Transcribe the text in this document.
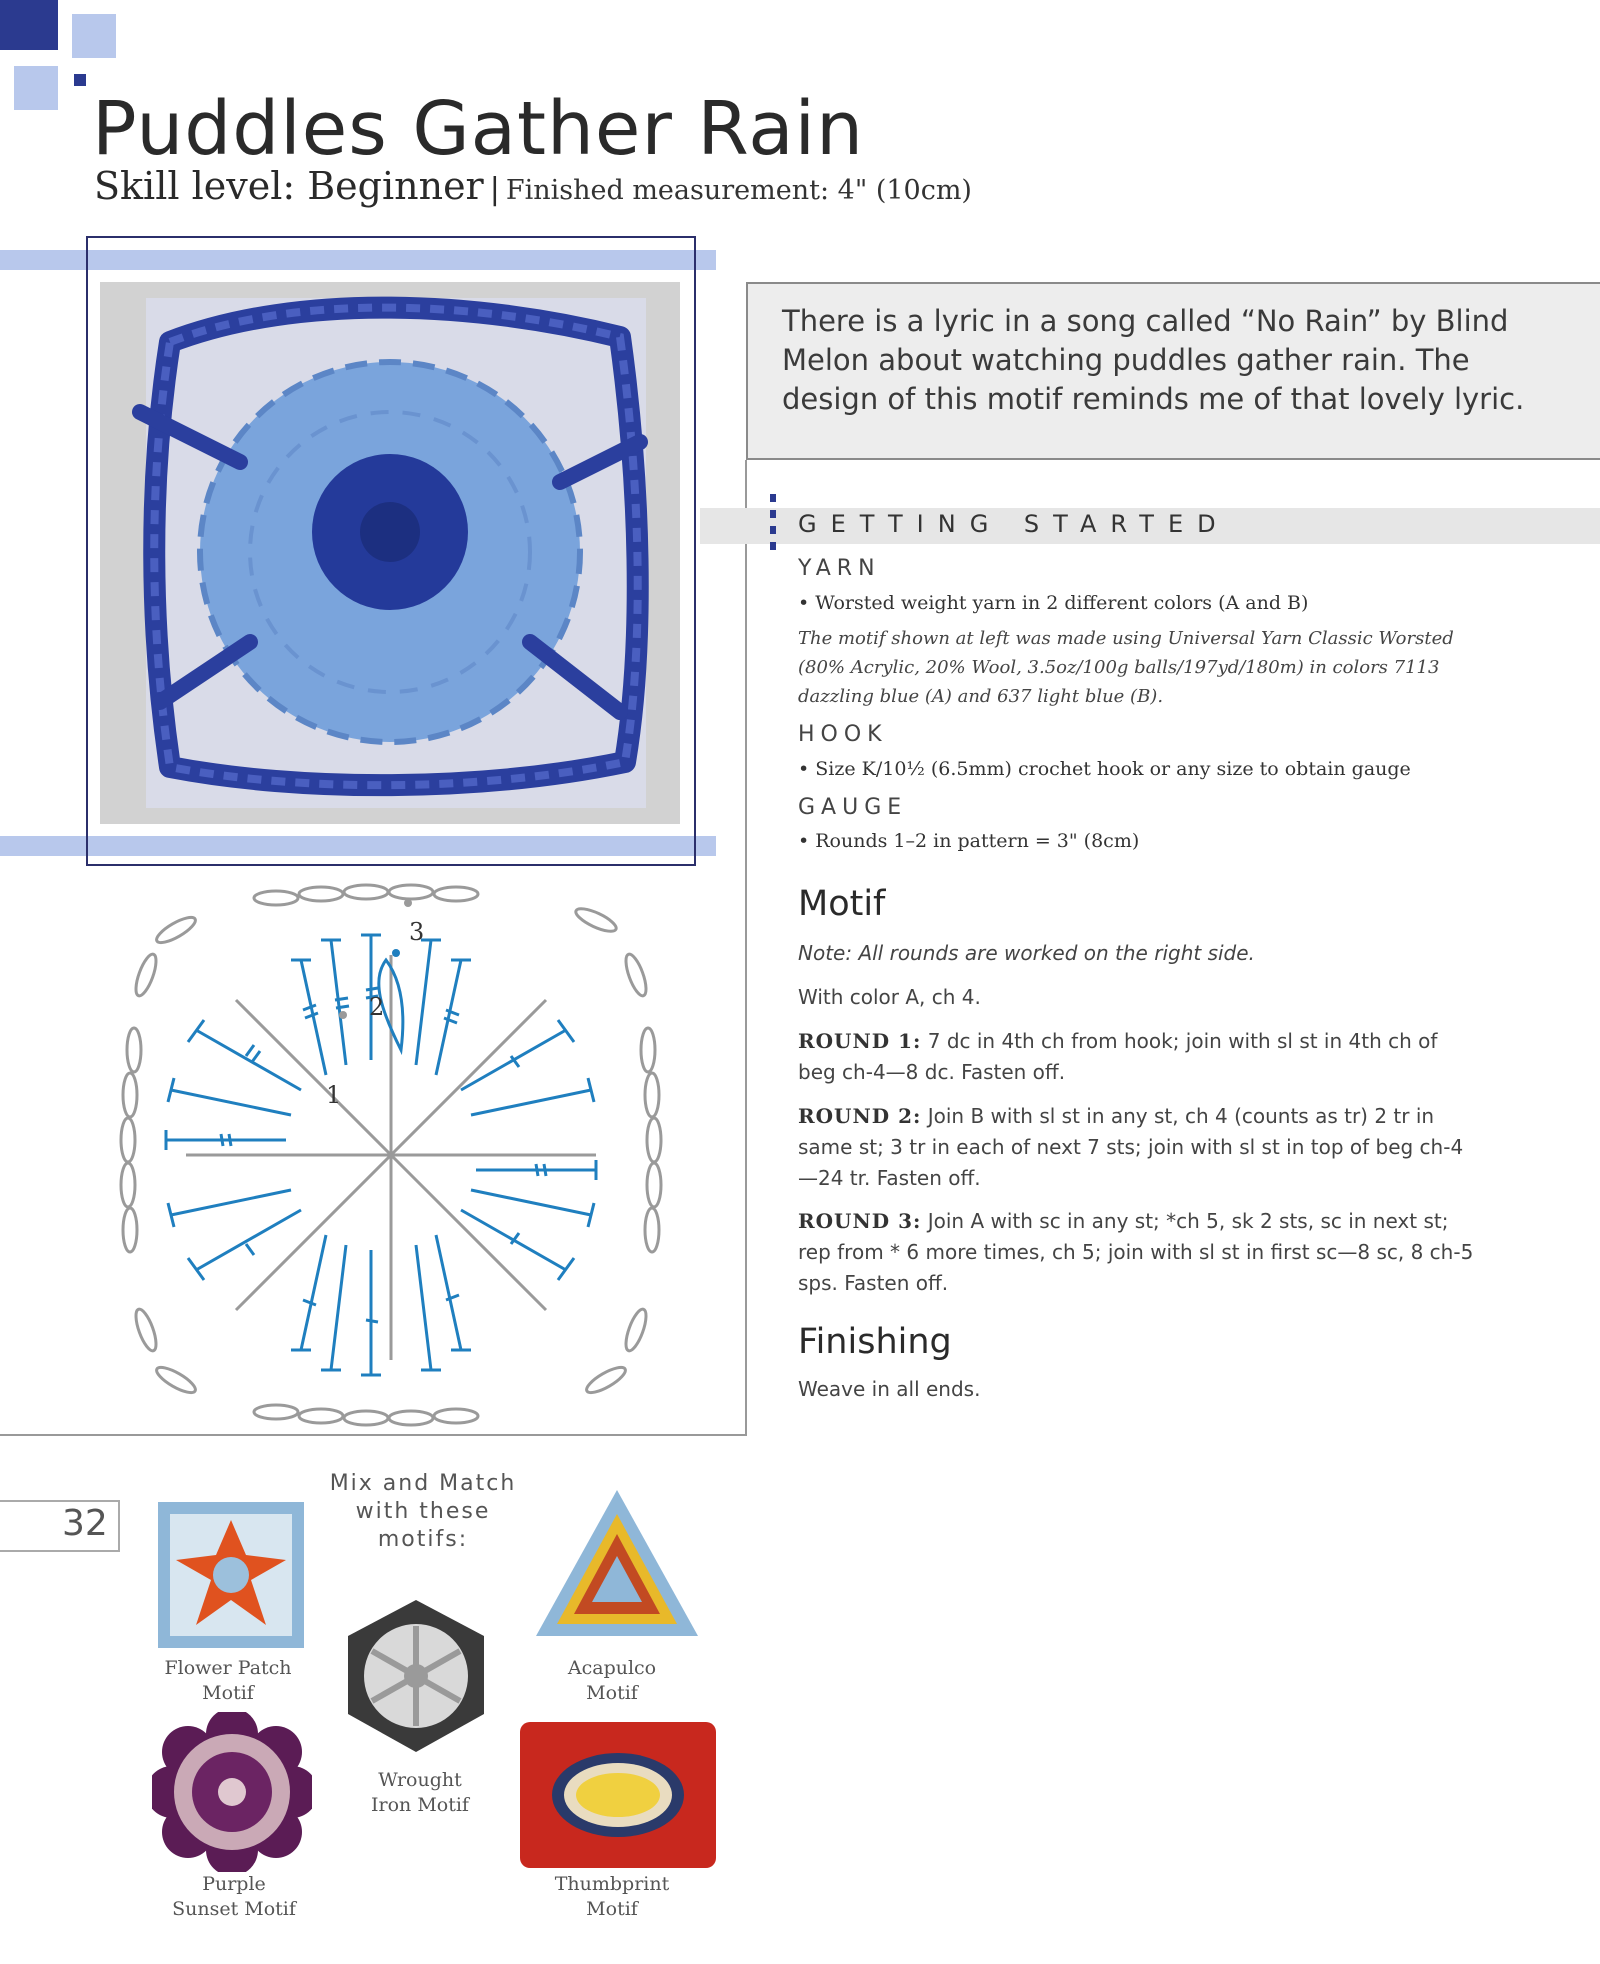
Puddles Gather Rain
Skill level: Beginner | Finished measurement: 4" (10cm)
There is a lyric in a song called “No Rain” by Blind Melon about watching puddles gather rain. The design of this motif reminds me of that lovely lyric.
3
2
1
GETTING STARTED
YARN
• Worsted weight yarn in 2 different colors (A and B)
The motif shown at left was made using Universal Yarn Classic Worsted (80% Acrylic, 20% Wool, 3.5oz/100g balls/197yd/180m) in colors 7113 dazzling blue (A) and 637 light blue (B).
HOOK
• Size K/10½ (6.5mm) crochet hook or any size to obtain gauge
GAUGE
• Rounds 1–2 in pattern = 3" (8cm)
Motif
Note: All rounds are worked on the right side.
With color A, ch 4.
ROUND 1: 7 dc in 4th ch from hook; join with sl st in 4th ch of beg ch-4—8 dc. Fasten off.
ROUND 2: Join B with sl st in any st, ch 4 (counts as tr) 2 tr in same st; 3 tr in each of next 7 sts; join with sl st in top of beg ch-4—24 tr. Fasten off.
ROUND 3: Join A with sc in any st; *ch 5, sk 2 sts, sc in next st; rep from * 6 more times, ch 5; join with sl st in first sc—8 sc, 8 ch-5 sps. Fasten off.
Finishing
Weave in all ends.
32
Mix and Match
with these
motifs:
Flower Patch
Motif
Acapulco
Motif
Wrought
Iron Motif
Purple
Sunset Motif
Thumbprint
Motif
